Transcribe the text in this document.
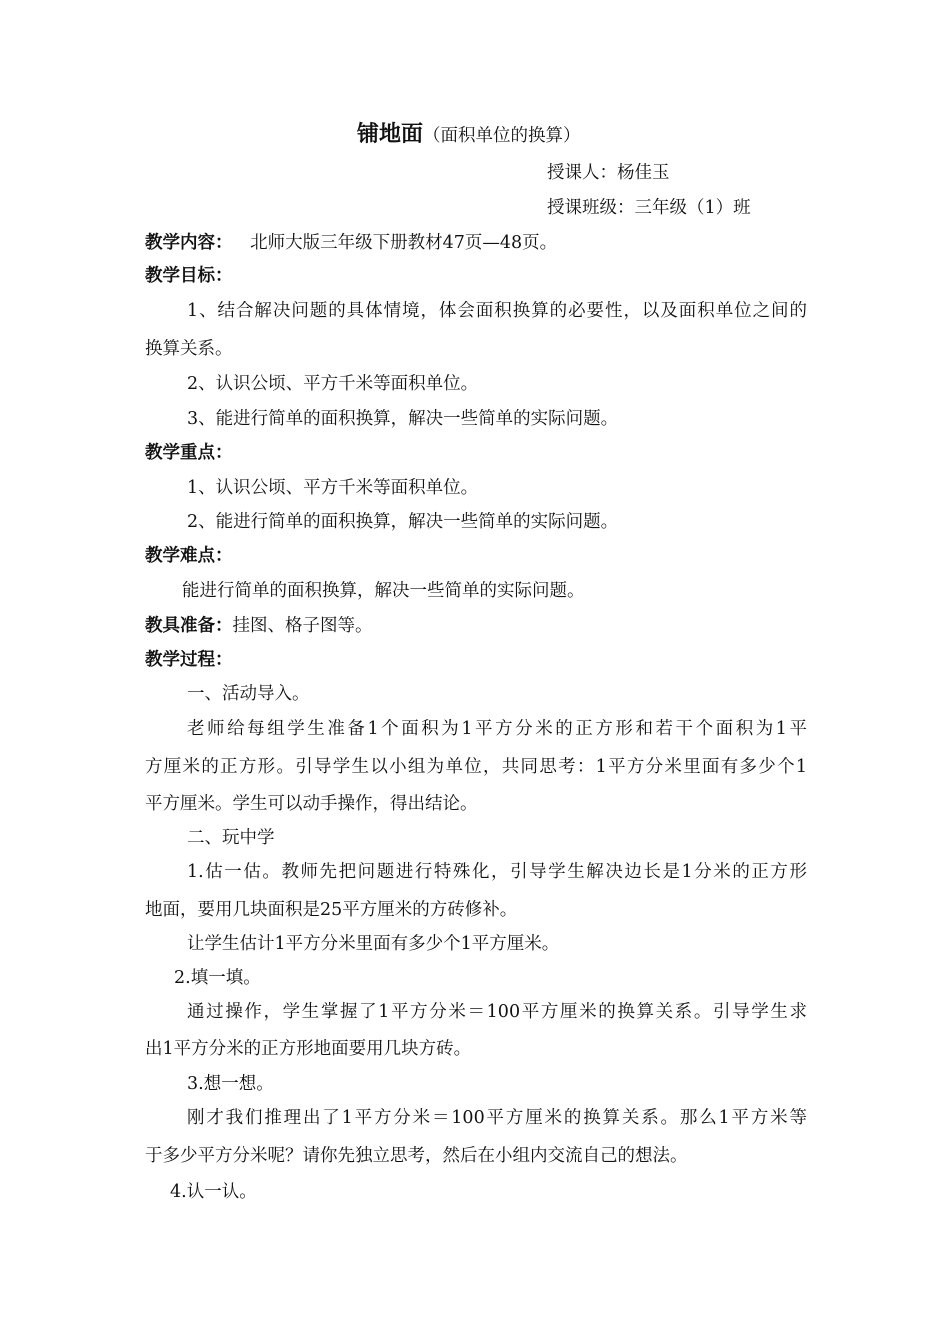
铺地面（面积单位的换算）
授课人：杨佳玉
授课班级：三年级（1）班
教学内容： 北师大版三年级下册教材47页—48页。
教学目标：
1、结合解决问题的具体情境，体会面积换算的必要性，以及面积单位之间的
换算关系。
2、认识公顷、平方千米等面积单位。
3、能进行简单的面积换算，解决一些简单的实际问题。
教学重点：
1、认识公顷、平方千米等面积单位。
2、能进行简单的面积换算，解决一些简单的实际问题。
教学难点：
能进行简单的面积换算，解决一些简单的实际问题。
教具准备：挂图、格子图等。
教学过程：
一、活动导入。
老师给每组学生准备1个面积为1平方分米的正方形和若干个面积为1平
方厘米的正方形。引导学生以小组为单位，共同思考：1平方分米里面有多少个1
平方厘米。学生可以动手操作，得出结论。
二、玩中学
1.估一估。教师先把问题进行特殊化，引导学生解决边长是1分米的正方形
地面，要用几块面积是25平方厘米的方砖修补。
让学生估计1平方分米里面有多少个1平方厘米。
2.填一填。
通过操作，学生掌握了1平方分米＝100平方厘米的换算关系。引导学生求
出1平方分米的正方形地面要用几块方砖。
3.想一想。
刚才我们推理出了1平方分米＝100平方厘米的换算关系。那么1平方米等
于多少平方分米呢？请你先独立思考，然后在小组内交流自己的想法。
4.认一认。
